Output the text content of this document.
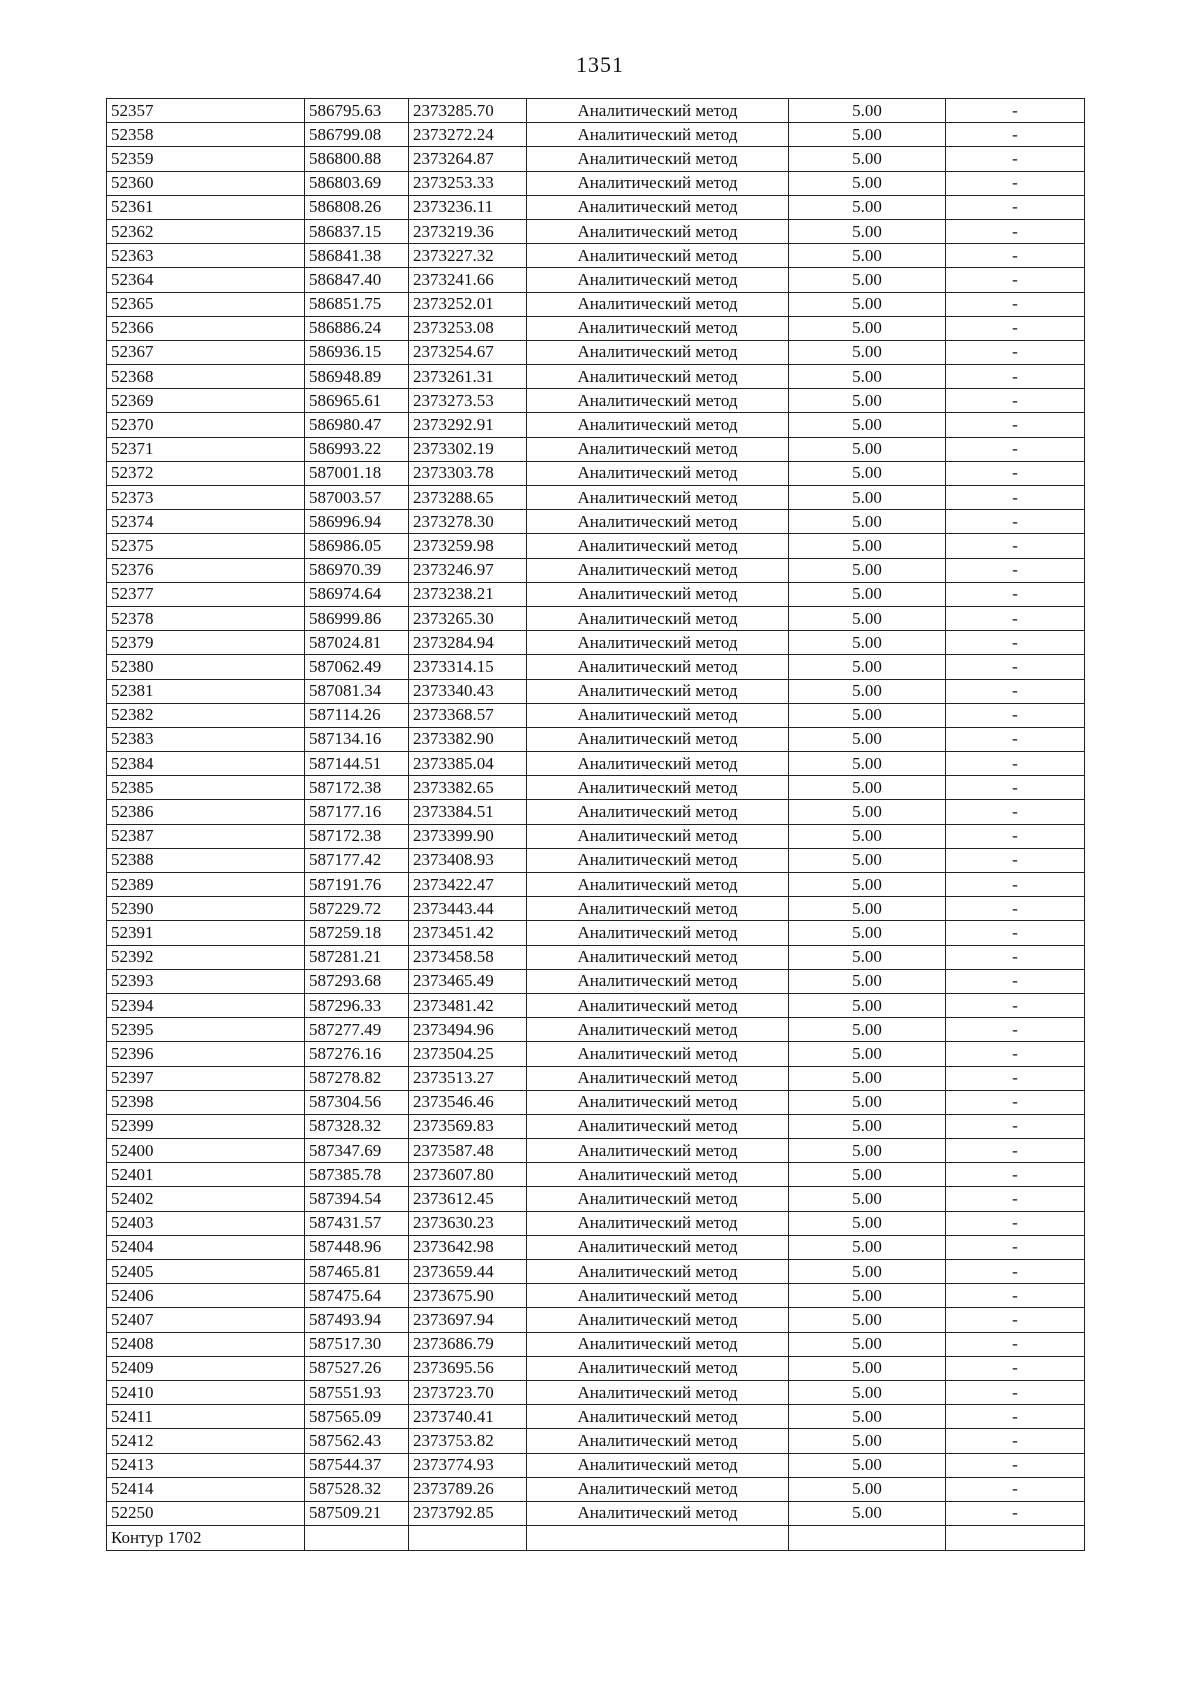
1351
52357	586795.63	2373285.70	Аналитический метод	5.00	-
52358	586799.08	2373272.24	Аналитический метод	5.00	-
52359	586800.88	2373264.87	Аналитический метод	5.00	-
52360	586803.69	2373253.33	Аналитический метод	5.00	-
52361	586808.26	2373236.11	Аналитический метод	5.00	-
52362	586837.15	2373219.36	Аналитический метод	5.00	-
52363	586841.38	2373227.32	Аналитический метод	5.00	-
52364	586847.40	2373241.66	Аналитический метод	5.00	-
52365	586851.75	2373252.01	Аналитический метод	5.00	-
52366	586886.24	2373253.08	Аналитический метод	5.00	-
52367	586936.15	2373254.67	Аналитический метод	5.00	-
52368	586948.89	2373261.31	Аналитический метод	5.00	-
52369	586965.61	2373273.53	Аналитический метод	5.00	-
52370	586980.47	2373292.91	Аналитический метод	5.00	-
52371	586993.22	2373302.19	Аналитический метод	5.00	-
52372	587001.18	2373303.78	Аналитический метод	5.00	-
52373	587003.57	2373288.65	Аналитический метод	5.00	-
52374	586996.94	2373278.30	Аналитический метод	5.00	-
52375	586986.05	2373259.98	Аналитический метод	5.00	-
52376	586970.39	2373246.97	Аналитический метод	5.00	-
52377	586974.64	2373238.21	Аналитический метод	5.00	-
52378	586999.86	2373265.30	Аналитический метод	5.00	-
52379	587024.81	2373284.94	Аналитический метод	5.00	-
52380	587062.49	2373314.15	Аналитический метод	5.00	-
52381	587081.34	2373340.43	Аналитический метод	5.00	-
52382	587114.26	2373368.57	Аналитический метод	5.00	-
52383	587134.16	2373382.90	Аналитический метод	5.00	-
52384	587144.51	2373385.04	Аналитический метод	5.00	-
52385	587172.38	2373382.65	Аналитический метод	5.00	-
52386	587177.16	2373384.51	Аналитический метод	5.00	-
52387	587172.38	2373399.90	Аналитический метод	5.00	-
52388	587177.42	2373408.93	Аналитический метод	5.00	-
52389	587191.76	2373422.47	Аналитический метод	5.00	-
52390	587229.72	2373443.44	Аналитический метод	5.00	-
52391	587259.18	2373451.42	Аналитический метод	5.00	-
52392	587281.21	2373458.58	Аналитический метод	5.00	-
52393	587293.68	2373465.49	Аналитический метод	5.00	-
52394	587296.33	2373481.42	Аналитический метод	5.00	-
52395	587277.49	2373494.96	Аналитический метод	5.00	-
52396	587276.16	2373504.25	Аналитический метод	5.00	-
52397	587278.82	2373513.27	Аналитический метод	5.00	-
52398	587304.56	2373546.46	Аналитический метод	5.00	-
52399	587328.32	2373569.83	Аналитический метод	5.00	-
52400	587347.69	2373587.48	Аналитический метод	5.00	-
52401	587385.78	2373607.80	Аналитический метод	5.00	-
52402	587394.54	2373612.45	Аналитический метод	5.00	-
52403	587431.57	2373630.23	Аналитический метод	5.00	-
52404	587448.96	2373642.98	Аналитический метод	5.00	-
52405	587465.81	2373659.44	Аналитический метод	5.00	-
52406	587475.64	2373675.90	Аналитический метод	5.00	-
52407	587493.94	2373697.94	Аналитический метод	5.00	-
52408	587517.30	2373686.79	Аналитический метод	5.00	-
52409	587527.26	2373695.56	Аналитический метод	5.00	-
52410	587551.93	2373723.70	Аналитический метод	5.00	-
52411	587565.09	2373740.41	Аналитический метод	5.00	-
52412	587562.43	2373753.82	Аналитический метод	5.00	-
52413	587544.37	2373774.93	Аналитический метод	5.00	-
52414	587528.32	2373789.26	Аналитический метод	5.00	-
52250	587509.21	2373792.85	Аналитический метод	5.00	-
Контур 1702					
